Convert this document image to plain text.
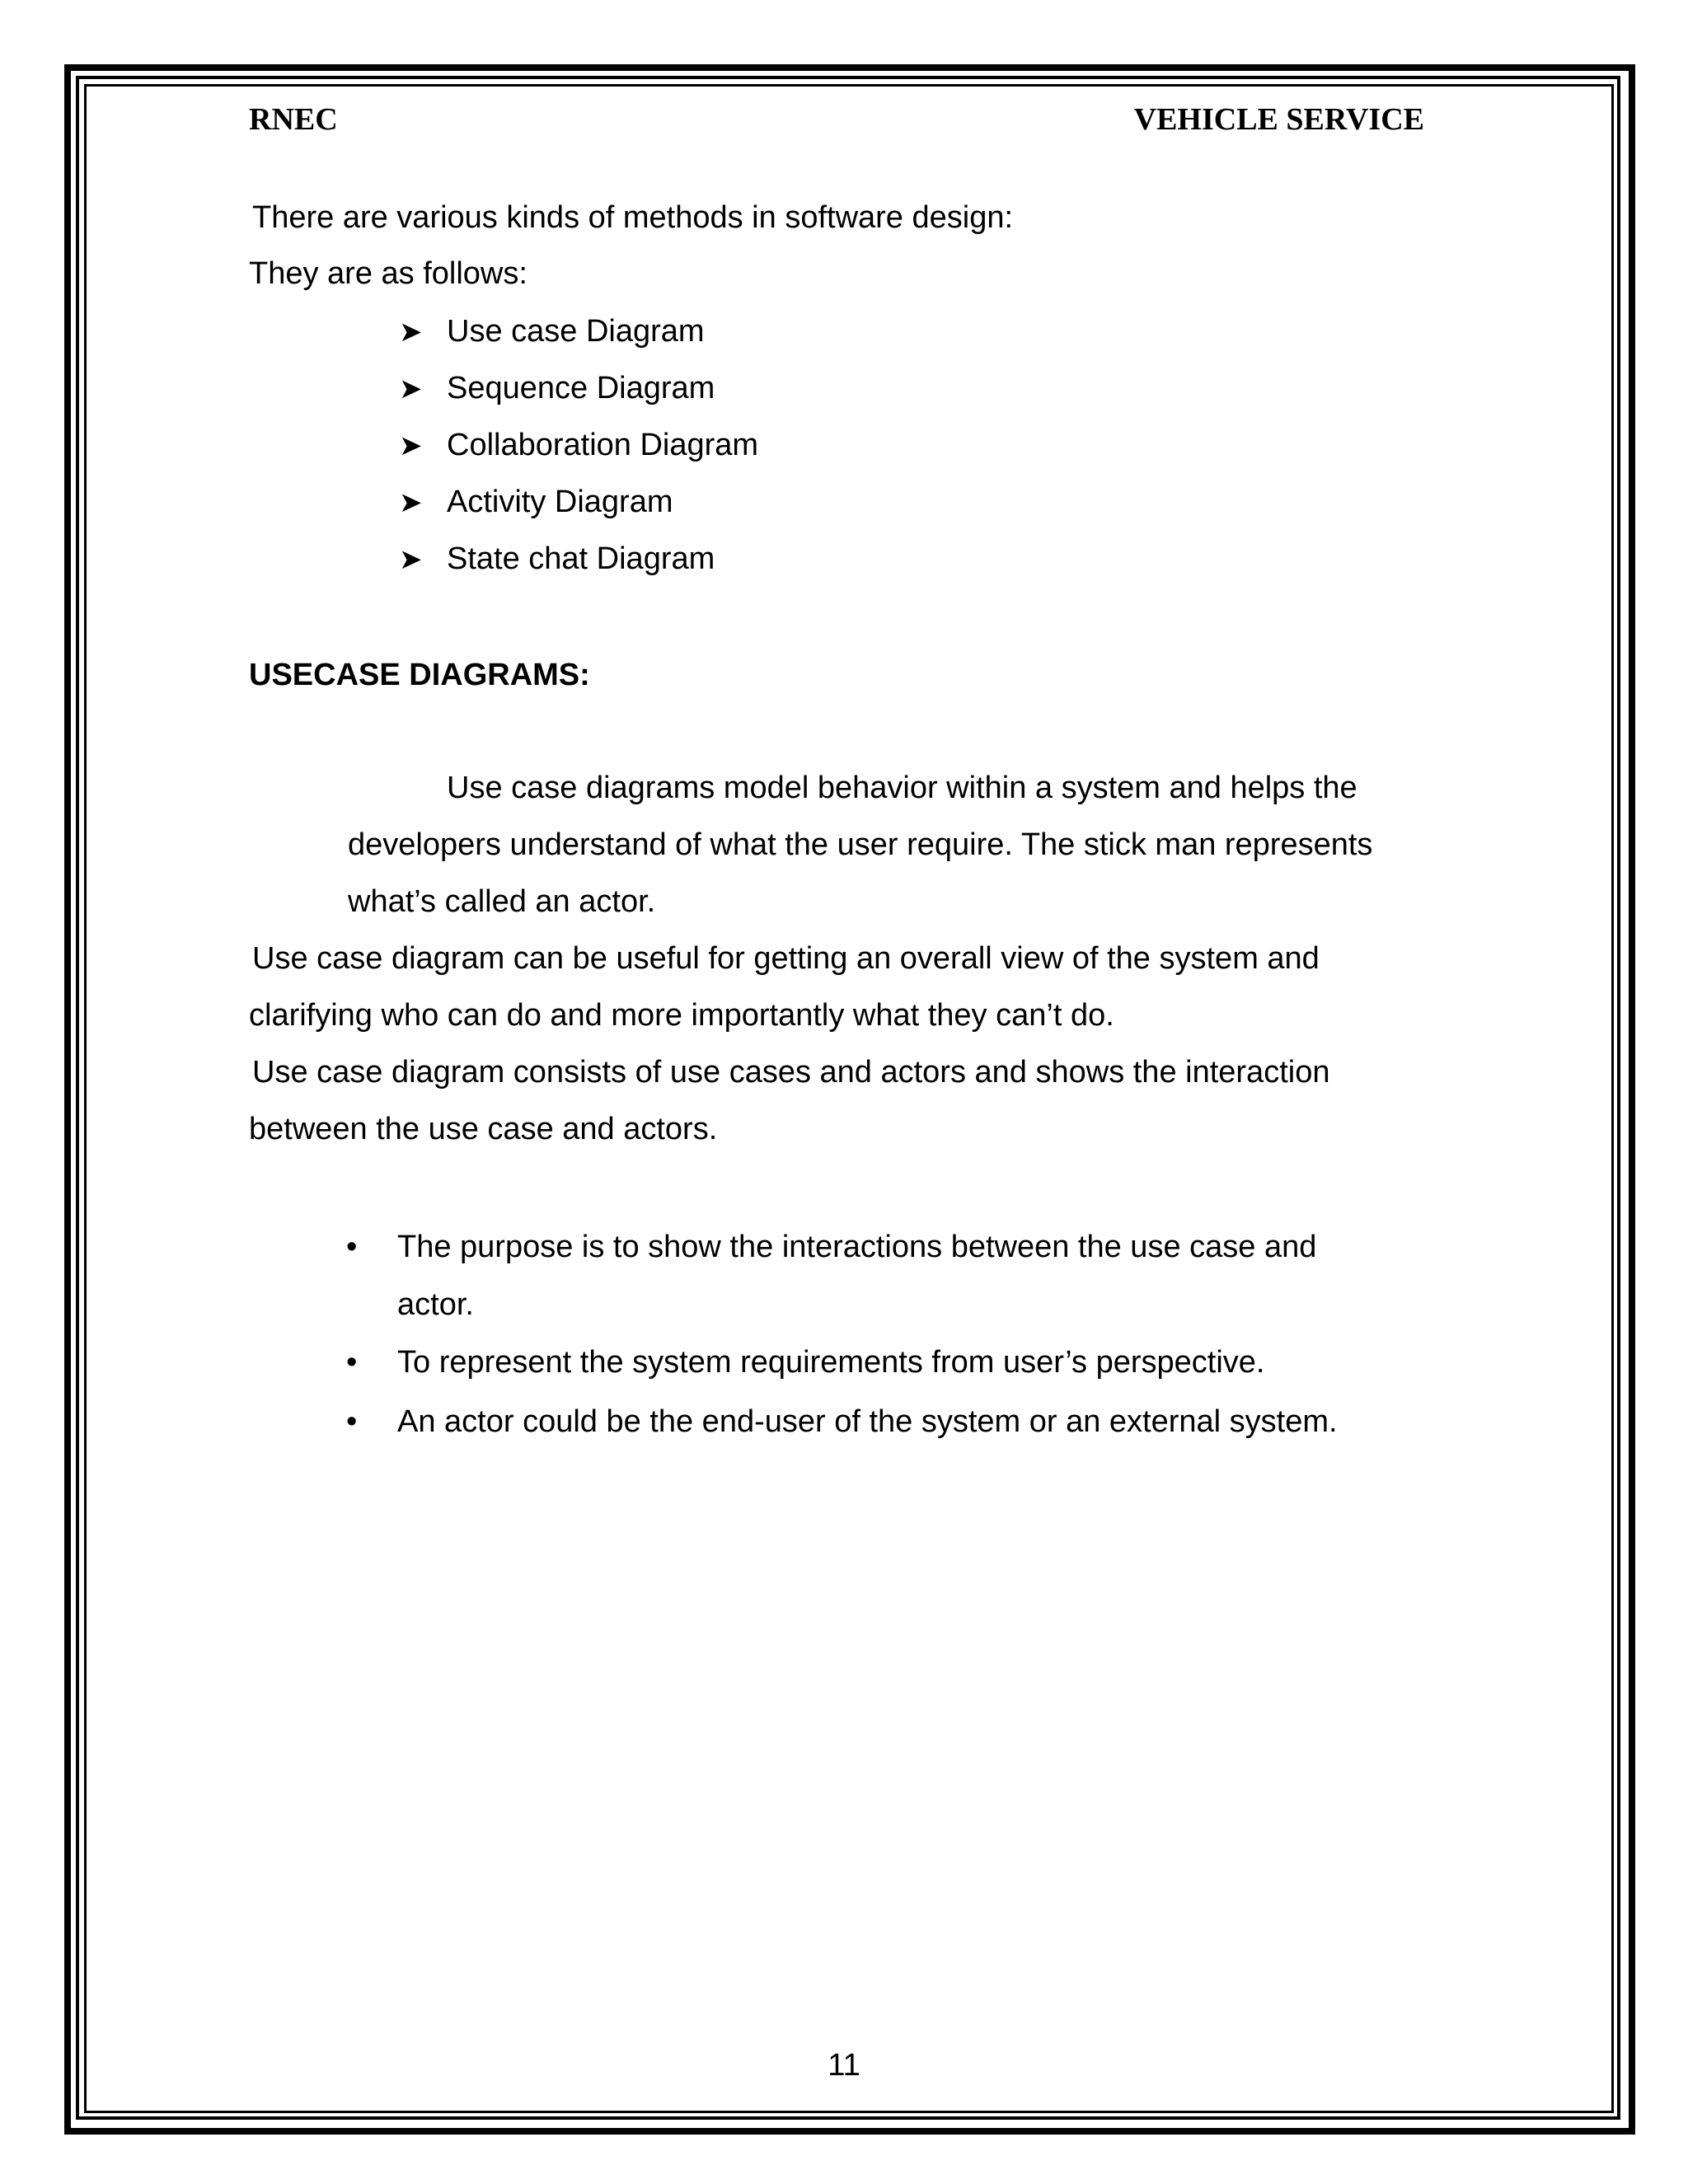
RNEC	VEHICLE SERVICE
There are various kinds of methods in software design:
They are as follows:
➤ Use case Diagram
➤ Sequence Diagram
➤ Collaboration Diagram
➤ Activity Diagram
➤ State chat Diagram
USECASE DIAGRAMS:
Use case diagrams model behavior within a system and helps the
developers understand of what the user require. The stick man represents
what’s called an actor.
Use case diagram can be useful for getting an overall view of the system and
clarifying who can do and more importantly what they can’t do.
Use case diagram consists of use cases and actors and shows the interaction
between the use case and actors.
•	The purpose is to show the interactions between the use case and actor.
•	To represent the system requirements from user’s perspective.
•	An actor could be the end-user of the system or an external system.
11
